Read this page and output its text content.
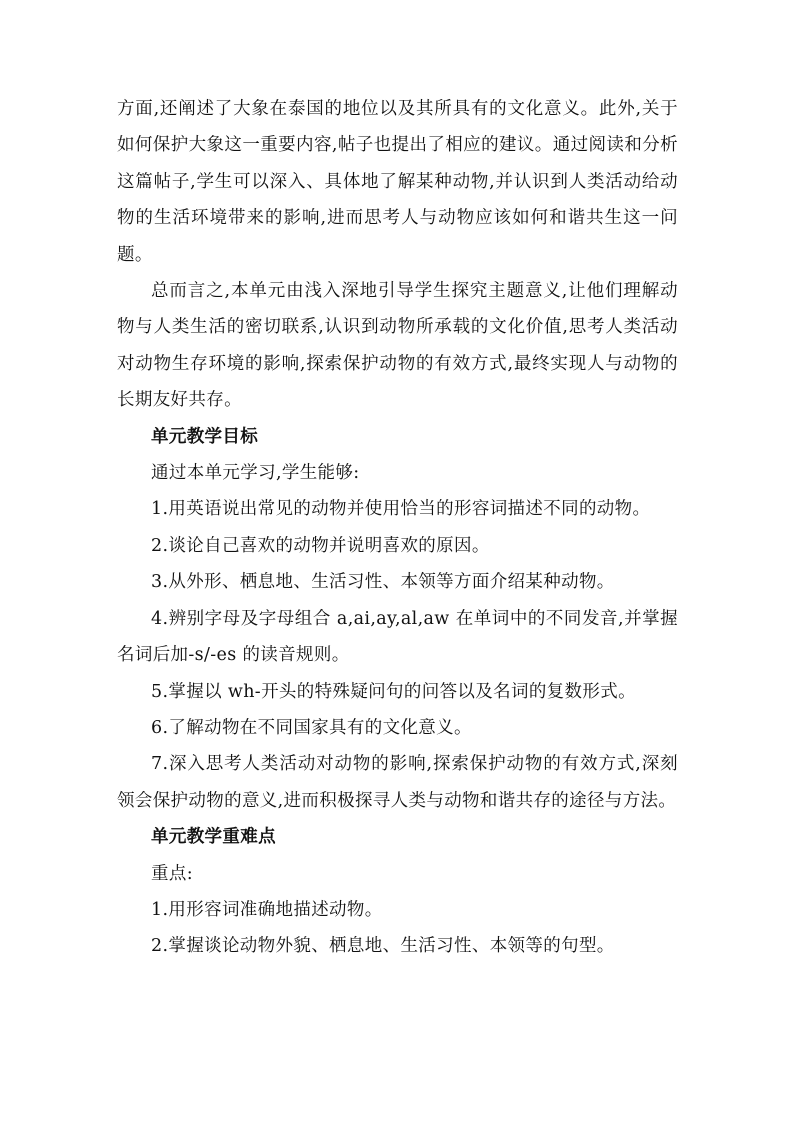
方面,还阐述了大象在泰国的地位以及其所具有的文化意义。此外,关于如何保护大象这一重要内容,帖子也提出了相应的建议。通过阅读和分析这篇帖子,学生可以深入、具体地了解某种动物,并认识到人类活动给动物的生活环境带来的影响,进而思考人与动物应该如何和谐共生这一问题。

总而言之,本单元由浅入深地引导学生探究主题意义,让他们理解动物与人类生活的密切联系,认识到动物所承载的文化价值,思考人类活动对动物生存环境的影响,探索保护动物的有效方式,最终实现人与动物的长期友好共存。

单元教学目标

通过本单元学习,学生能够:

1.用英语说出常见的动物并使用恰当的形容词描述不同的动物。

2.谈论自己喜欢的动物并说明喜欢的原因。

3.从外形、栖息地、生活习性、本领等方面介绍某种动物。

4.辨别字母及字母组合 a,ai,ay,al,aw 在单词中的不同发音,并掌握名词后加-s/-es 的读音规则。

5.掌握以 wh-开头的特殊疑问句的问答以及名词的复数形式。

6.了解动物在不同国家具有的文化意义。

7.深入思考人类活动对动物的影响,探索保护动物的有效方式,深刻领会保护动物的意义,进而积极探寻人类与动物和谐共存的途径与方法。

单元教学重难点

重点:

1.用形容词准确地描述动物。

2.掌握谈论动物外貌、栖息地、生活习性、本领等的句型。
